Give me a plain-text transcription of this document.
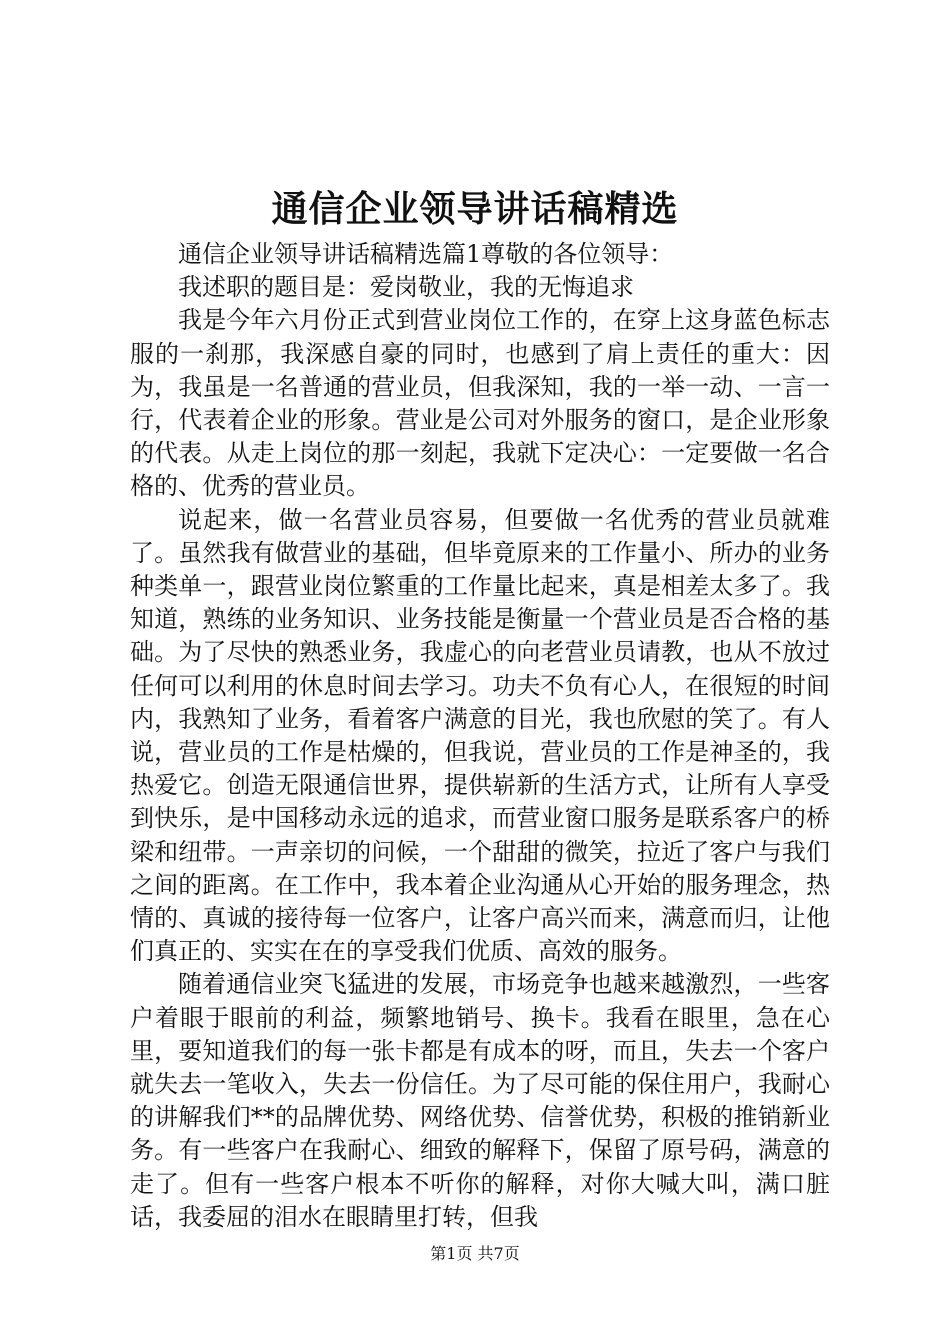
通信企业领导讲话稿精选

通信企业领导讲话稿精选篇1尊敬的各位领导：

我述职的题目是：爱岗敬业，我的无悔追求

我是今年六月份正式到营业岗位工作的，在穿上这身蓝色标志服的一刹那，我深感自豪的同时，也感到了肩上责任的重大：因为，我虽是一名普通的营业员，但我深知，我的一举一动、一言一行，代表着企业的形象。营业是公司对外服务的窗口，是企业形象的代表。从走上岗位的那一刻起，我就下定决心：一定要做一名合格的、优秀的营业员。

说起来，做一名营业员容易，但要做一名优秀的营业员就难了。虽然我有做营业的基础，但毕竟原来的工作量小、所办的业务种类单一，跟营业岗位繁重的工作量比起来，真是相差太多了。我知道，熟练的业务知识、业务技能是衡量一个营业员是否合格的基础。为了尽快的熟悉业务，我虚心的向老营业员请教，也从不放过任何可以利用的休息时间去学习。功夫不负有心人，在很短的时间内，我熟知了业务，看着客户满意的目光，我也欣慰的笑了。有人说，营业员的工作是枯燥的，但我说，营业员的工作是神圣的，我热爱它。创造无限通信世界，提供崭新的生活方式，让所有人享受到快乐，是中国移动永远的追求，而营业窗口服务是联系客户的桥梁和纽带。一声亲切的问候，一个甜甜的微笑，拉近了客户与我们之间的距离。在工作中，我本着企业沟通从心开始的服务理念，热情的、真诚的接待每一位客户，让客户高兴而来，满意而归，让他们真正的、实实在在的享受我们优质、高效的服务。

随着通信业突飞猛进的发展，市场竞争也越来越激烈，一些客户着眼于眼前的利益，频繁地销号、换卡。我看在眼里，急在心里，要知道我们的每一张卡都是有成本的呀，而且，失去一个客户就失去一笔收入，失去一份信任。为了尽可能的保住用户，我耐心的讲解我们**的品牌优势、网络优势、信誉优势，积极的推销新业务。有一些客户在我耐心、细致的解释下，保留了原号码，满意的走了。但有一些客户根本不听你的解释，对你大喊大叫，满口脏话，我委屈的泪水在眼睛里打转，但我

第1页 共7页
